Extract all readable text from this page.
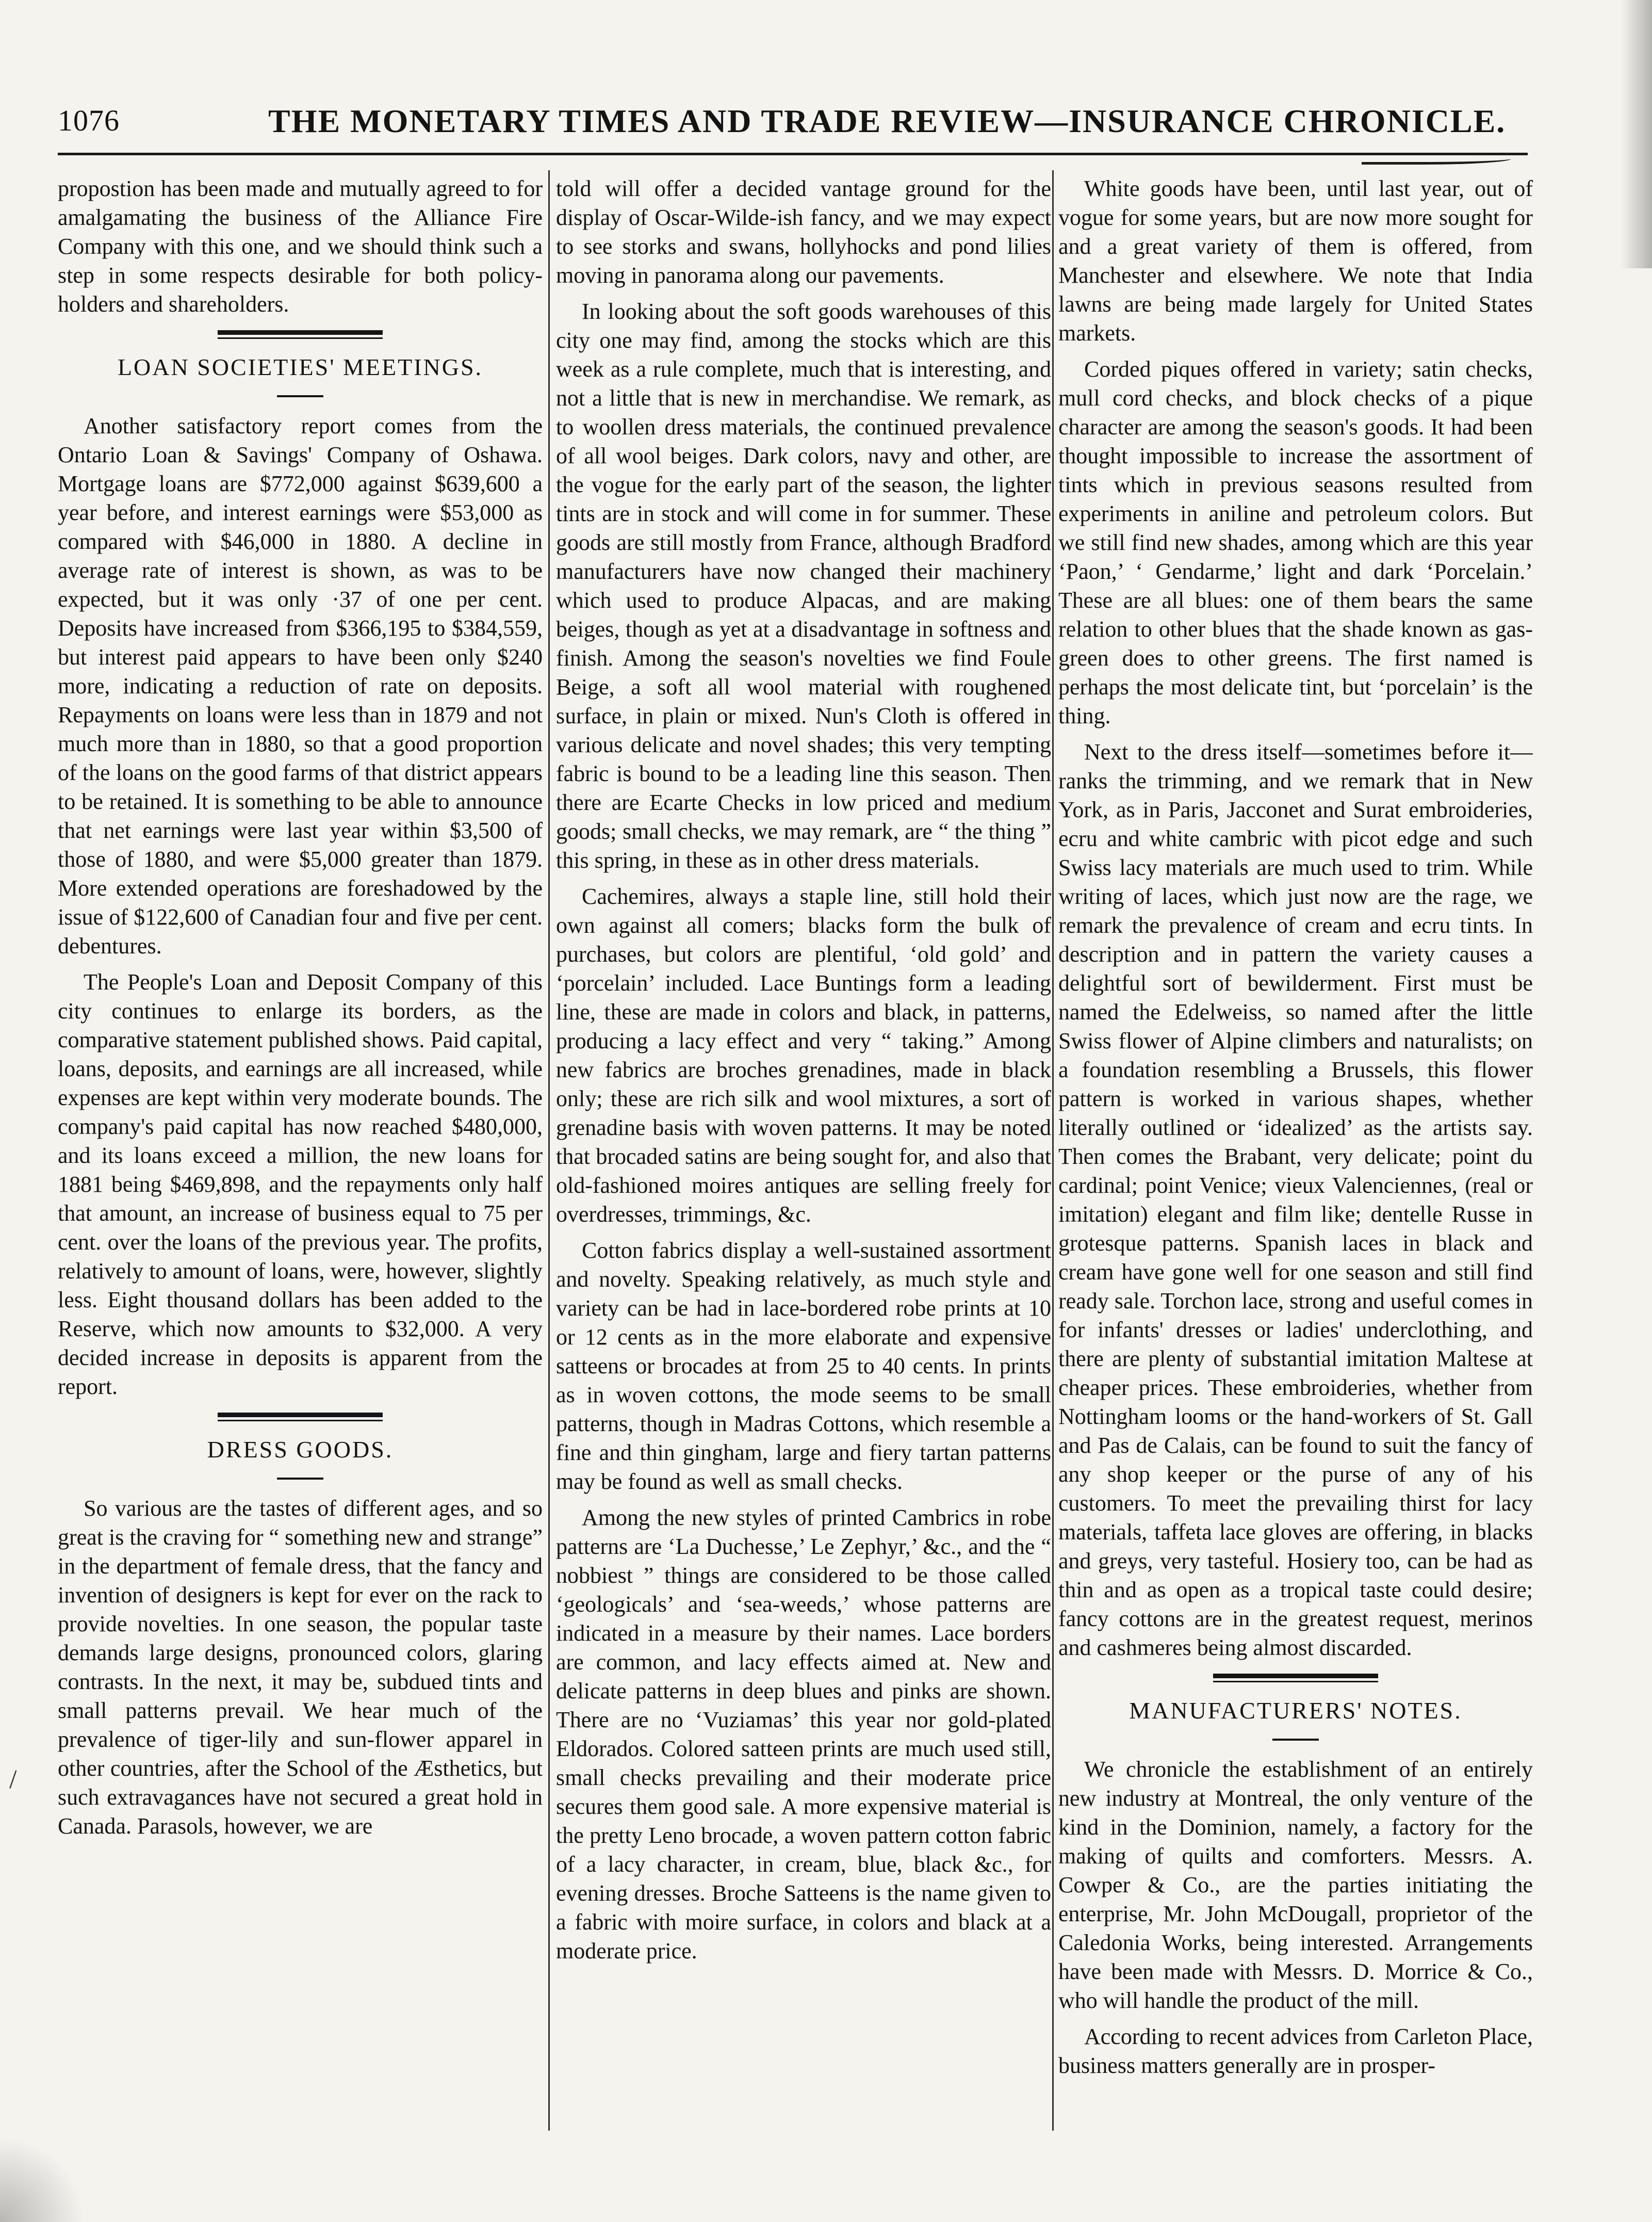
/
1076	THE MONETARY TIMES AND TRADE REVIEW—INSURANCE CHRONICLE.

propostion has been made and mutually agreed to for amalgamating the business of the Alliance Fire Company with this one, and we should think such a step in some respects desirable for both policy-holders and shareholders.

LOAN SOCIETIES' MEETINGS.

Another satisfactory report comes from the Ontario Loan & Savings' Company of Oshawa. Mortgage loans are $772,000 against $639,600 a year before, and interest earnings were $53,000 as compared with $46,000 in 1880. A decline in average rate of interest is shown, as was to be expected, but it was only ·37 of one per cent. Deposits have increased from $366,195 to $384,559, but interest paid appears to have been only $240 more, indicating a reduction of rate on deposits. Repayments on loans were less than in 1879 and not much more than in 1880, so that a good proportion of the loans on the good farms of that district appears to be retained. It is something to be able to announce that net earnings were last year within $3,500 of those of 1880, and were $5,000 greater than 1879. More extended operations are foreshadowed by the issue of $122,600 of Canadian four and five per cent. debentures.

The People's Loan and Deposit Company of this city continues to enlarge its borders, as the comparative statement published shows. Paid capital, loans, deposits, and earnings are all increased, while expenses are kept within very moderate bounds. The company's paid capital has now reached $480,000, and its loans exceed a million, the new loans for 1881 being $469,898, and the repayments only half that amount, an increase of business equal to 75 per cent. over the loans of the previous year. The profits, relatively to amount of loans, were, however, slightly less. Eight thousand dollars has been added to the Reserve, which now amounts to $32,000. A very decided increase in deposits is apparent from the report.

DRESS GOODS.

So various are the tastes of different ages, and so great is the craving for “ something new and strange” in the department of female dress, that the fancy and invention of designers is kept for ever on the rack to provide novelties. In one season, the popular taste demands large designs, pronounced colors, glaring contrasts. In the next, it may be, subdued tints and small patterns prevail. We hear much of the prevalence of tiger-lily and sun-flower apparel in other countries, after the School of the Æsthetics, but such extravagances have not secured a great hold in Canada. Parasols, however, we are

told will offer a decided vantage ground for the display of Oscar-Wilde-ish fancy, and we may expect to see storks and swans, hollyhocks and pond lilies moving in panorama along our pavements.

In looking about the soft goods warehouses of this city one may find, among the stocks which are this week as a rule complete, much that is interesting, and not a little that is new in merchandise. We remark, as to woollen dress materials, the continued prevalence of all wool beiges. Dark colors, navy and other, are the vogue for the early part of the season, the lighter tints are in stock and will come in for summer. These goods are still mostly from France, although Bradford manufacturers have now changed their machinery which used to produce Alpacas, and are making beiges, though as yet at a disadvantage in softness and finish. Among the season's novelties we find Foule Beige, a soft all wool material with roughened surface, in plain or mixed. Nun's Cloth is offered in various delicate and novel shades; this very tempting fabric is bound to be a leading line this season. Then there are Ecarte Checks in low priced and medium goods; small checks, we may remark, are “ the thing ” this spring, in these as in other dress materials.

Cachemires, always a staple line, still hold their own against all comers; blacks form the bulk of purchases, but colors are plentiful, ‘old gold’ and ‘porcelain’ included. Lace Buntings form a leading line, these are made in colors and black, in patterns, producing a lacy effect and very “ taking.” Among new fabrics are broches grenadines, made in black only; these are rich silk and wool mixtures, a sort of grenadine basis with woven patterns. It may be noted that brocaded satins are being sought for, and also that old-fashioned moires antiques are selling freely for overdresses, trimmings, &c.

Cotton fabrics display a well-sustained assortment and novelty. Speaking relatively, as much style and variety can be had in lace-bordered robe prints at 10 or 12 cents as in the more elaborate and expensive satteens or brocades at from 25 to 40 cents. In prints as in woven cottons, the mode seems to be small patterns, though in Madras Cottons, which resemble a fine and thin gingham, large and fiery tartan patterns may be found as well as small checks.

Among the new styles of printed Cambrics in robe patterns are ‘La Duchesse,’ Le Zephyr,’ &c., and the “ nobbiest ” things are considered to be those called ‘geologicals’ and ‘sea-weeds,’ whose patterns are indicated in a measure by their names. Lace borders are common, and lacy effects aimed at. New and delicate patterns in deep blues and pinks are shown. There are no ‘Vuziamas’ this year nor gold-plated Eldorados. Colored satteen prints are much used still, small checks prevailing and their moderate price secures them good sale. A more expensive material is the pretty Leno brocade, a woven pattern cotton fabric of a lacy character, in cream, blue, black &c., for evening dresses. Broche Satteens is the name given to a fabric with moire surface, in colors and black at a moderate price.

White goods have been, until last year, out of vogue for some years, but are now more sought for and a great variety of them is offered, from Manchester and elsewhere. We note that India lawns are being made largely for United States markets.

Corded piques offered in variety; satin checks, mull cord checks, and block checks of a pique character are among the season's goods. It had been thought impossible to increase the assortment of tints which in previous seasons resulted from experiments in aniline and petroleum colors. But we still find new shades, among which are this year ‘Paon,’ ‘ Gendarme,’ light and dark ‘Porcelain.’ These are all blues: one of them bears the same relation to other blues that the shade known as gas-green does to other greens. The first named is perhaps the most delicate tint, but ‘porcelain’ is the thing.

Next to the dress itself—sometimes before it—ranks the trimming, and we remark that in New York, as in Paris, Jacconet and Surat embroideries, ecru and white cambric with picot edge and such Swiss lacy materials are much used to trim. While writing of laces, which just now are the rage, we remark the prevalence of cream and ecru tints. In description and in pattern the variety causes a delightful sort of bewilderment. First must be named the Edelweiss, so named after the little Swiss flower of Alpine climbers and naturalists; on a foundation resembling a Brussels, this flower pattern is worked in various shapes, whether literally outlined or ‘idealized’ as the artists say. Then comes the Brabant, very delicate; point du cardinal; point Venice; vieux Valenciennes, (real or imitation) elegant and film like; dentelle Russe in grotesque patterns. Spanish laces in black and cream have gone well for one season and still find ready sale. Torchon lace, strong and useful comes in for infants' dresses or ladies' underclothing, and there are plenty of substantial imitation Maltese at cheaper prices. These embroideries, whether from Nottingham looms or the hand-workers of St. Gall and Pas de Calais, can be found to suit the fancy of any shop keeper or the purse of any of his customers. To meet the prevailing thirst for lacy materials, taffeta lace gloves are offering, in blacks and greys, very tasteful. Hosiery too, can be had as thin and as open as a tropical taste could desire; fancy cottons are in the greatest request, merinos and cashmeres being almost discarded.

MANUFACTURERS' NOTES.

We chronicle the establishment of an entirely new industry at Montreal, the only venture of the kind in the Dominion, namely, a factory for the making of quilts and comforters. Messrs. A. Cowper & Co., are the parties initiating the enterprise, Mr. John McDougall, proprietor of the Caledonia Works, being interested. Arrangements have been made with Messrs. D. Morrice & Co., who will handle the product of the mill.

According to recent advices from Carleton Place, business matters generally are in prosper-
